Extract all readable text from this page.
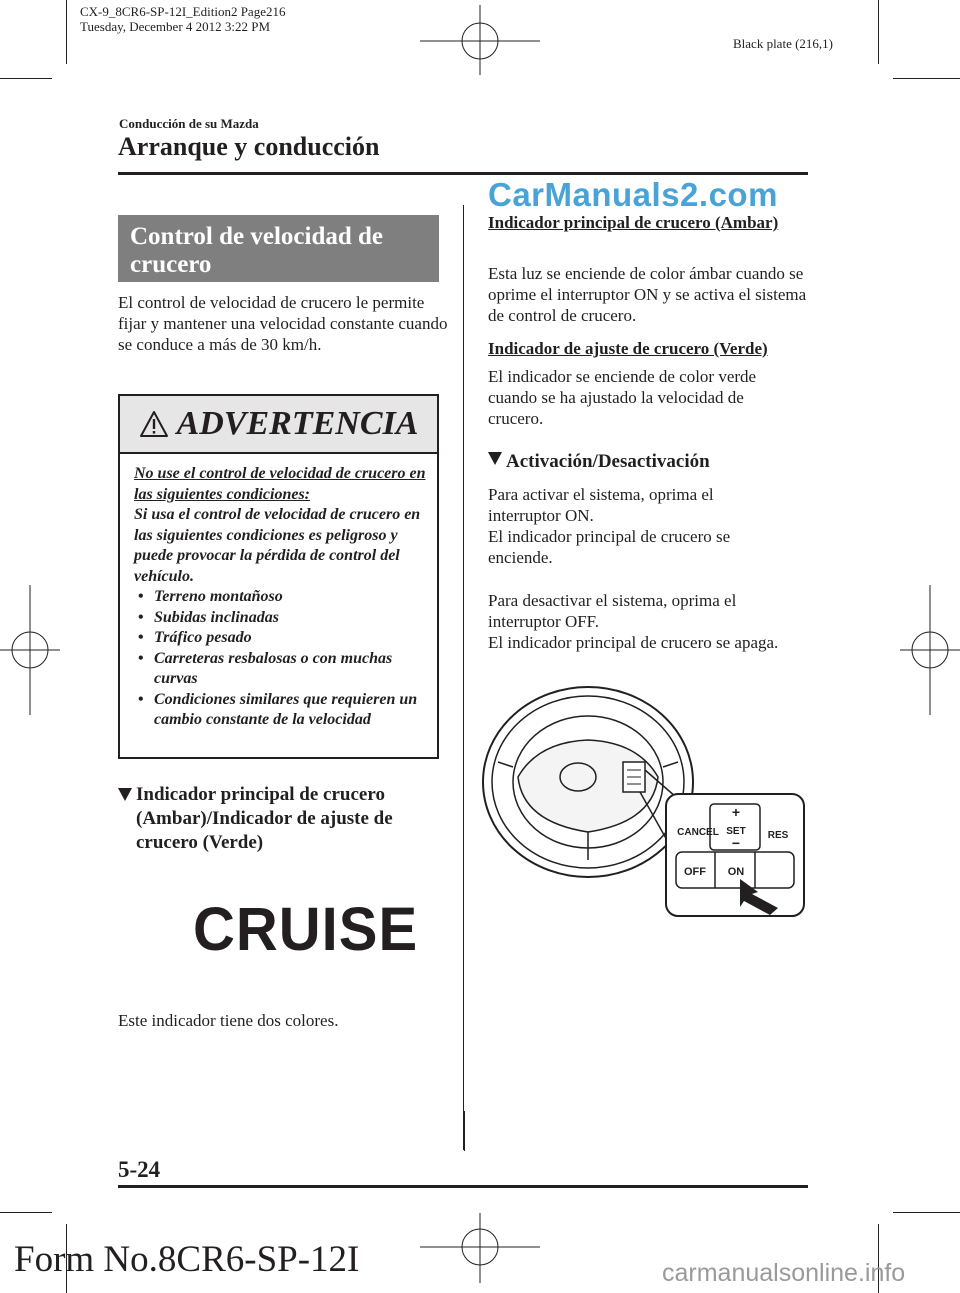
CX-9_8CR6-SP-12I_Edition2 Page216
Tuesday, December 4 2012 3:22 PM
Black plate (216,1)
Conducción de su Mazda
Arranque y conducción
CarManuals2.com
Control de velocidad de crucero
El control de velocidad de crucero le permite fijar y mantener una velocidad constante cuando se conduce a más de 30 km/h.
ADVERTENCIA
No use el control de velocidad de crucero en las siguientes condiciones:
Si usa el control de velocidad de crucero en las siguientes condiciones es peligroso y puede provocar la pérdida de control del vehículo.
• Terreno montañoso
• Subidas inclinadas
• Tráfico pesado
• Carreteras resbalosas o con muchas curvas
• Condiciones similares que requieren un cambio constante de la velocidad
Indicador principal de crucero (Ambar)/Indicador de ajuste de crucero (Verde)
CRUISE
Este indicador tiene dos colores.
Indicador principal de crucero (Ambar)
Esta luz se enciende de color ámbar cuando se oprime el interruptor ON y se activa el sistema de control de crucero.
Indicador de ajuste de crucero (Verde)
El indicador se enciende de color verde cuando se ha ajustado la velocidad de crucero.
Activación/Desactivación
Para activar el sistema, oprima el interruptor ON.
El indicador principal de crucero se enciende.
Para desactivar el sistema, oprima el interruptor OFF.
El indicador principal de crucero se apaga.
+
SET
−
CANCEL	RES
OFF ON
5-24
Form No.8CR6-SP-12I	carmanualsonline.info
